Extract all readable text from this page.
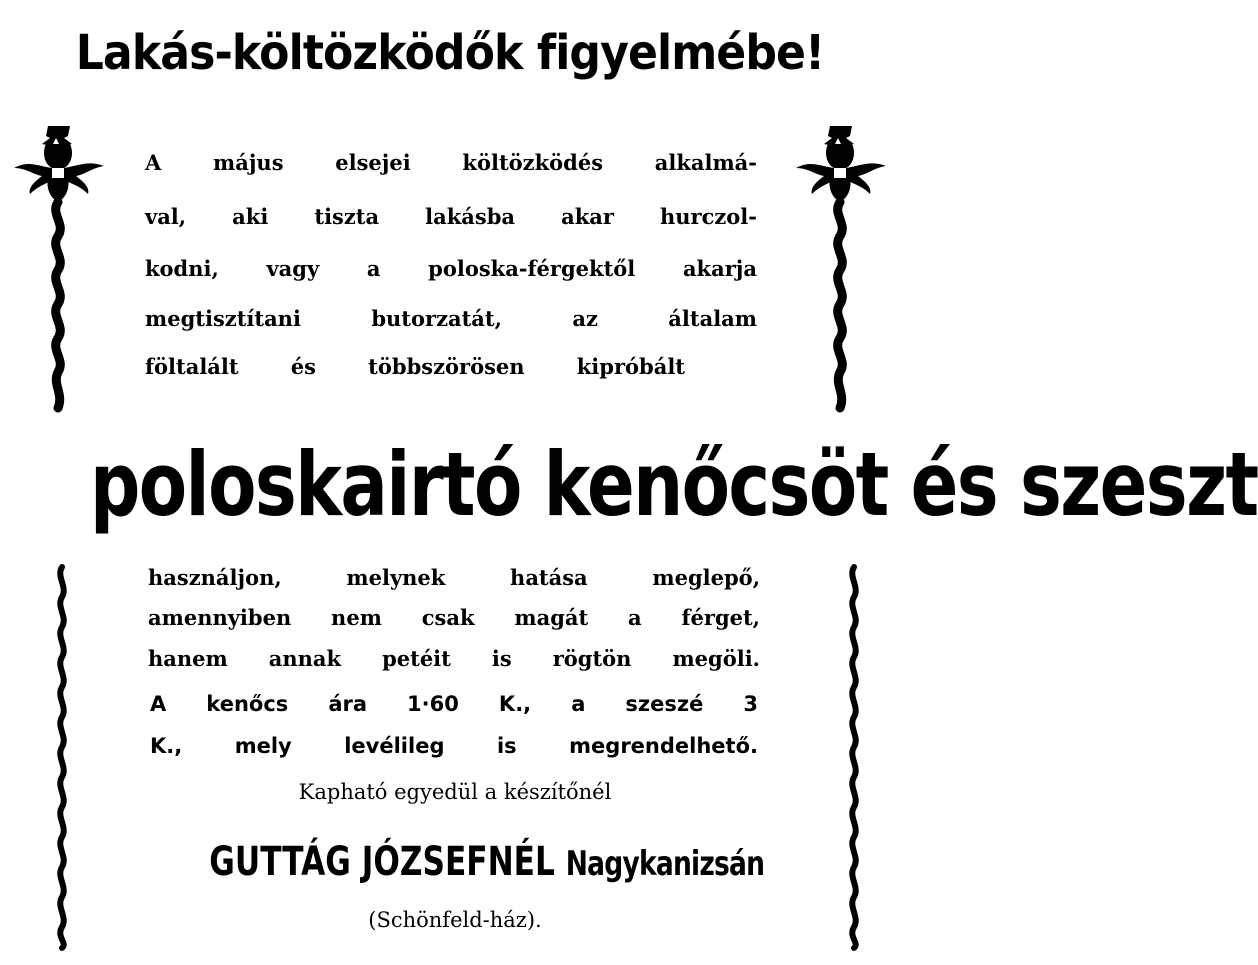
Lakás-költözködők figyelmébe!
A május elsejei költözködés alkalmá-
val, aki tiszta lakásba akar hurczol-
kodni, vagy a poloska-férgektől akarja
megtisztítani butorzatát, az általam
föltalált és többszörösen kipróbált
poloskairtó kenőcsöt és szeszt
használjon, melynek hatása meglepő,
amennyiben nem csak magát a férget,
hanem annak petéit is rögtön megöli.
A kenőcs ára 1·60 K., a szeszé 3
K., mely levélileg is megrendelhető.
Kapható egyedül a készítőnél
GUTTÁG JÓZSEFNÉL Nagykanizsán
(Schönfeld-ház).
